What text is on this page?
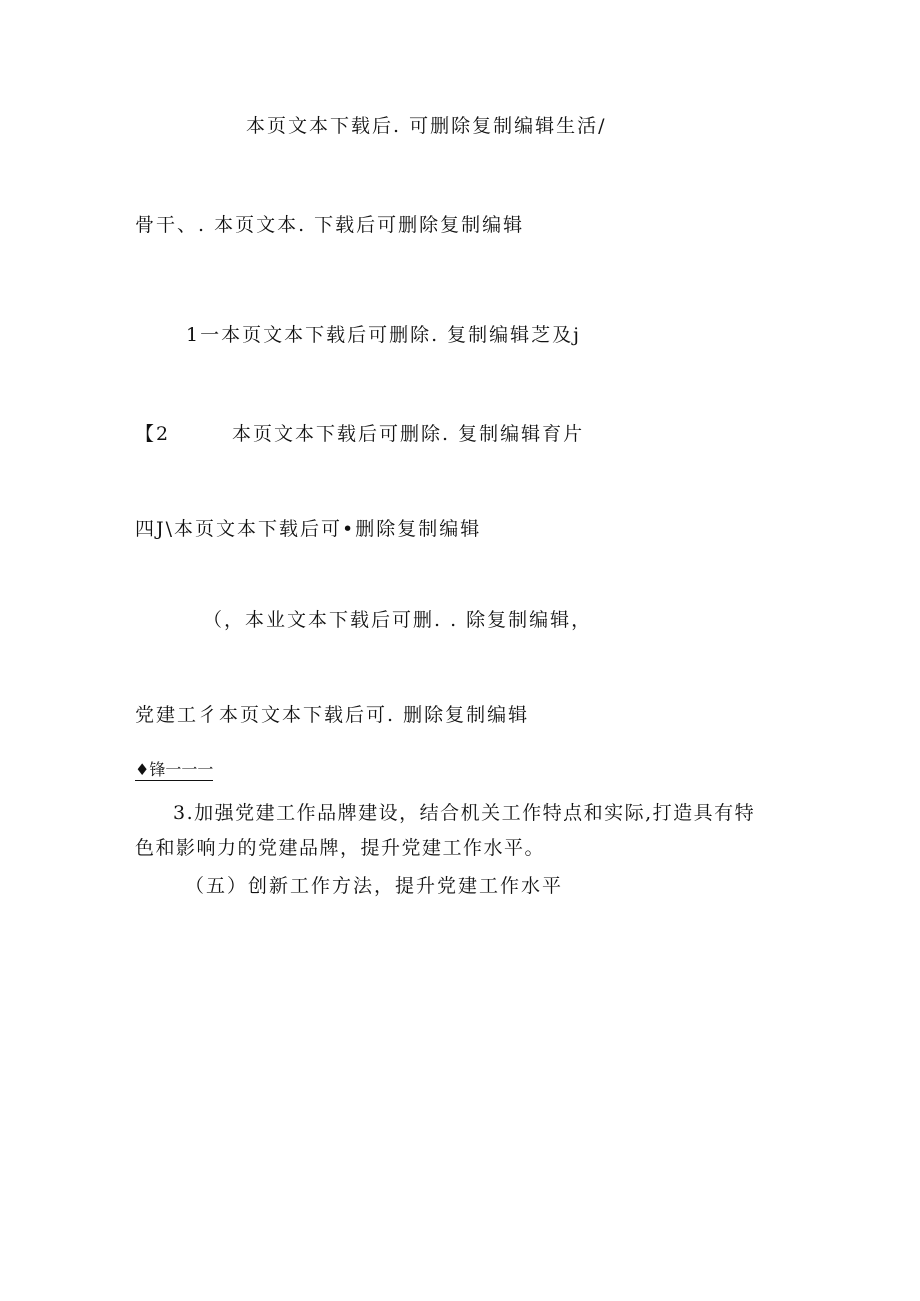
本页文本下载后. 可删除复制编辑生活/
骨干、. 本页文本. 下载后可删除复制编辑
1一本页文本下载后可删除. 复制编辑芝及j
【2	本页文本下载后可删除. 复制编辑育片
四J\本页文本下载后可•删除复制编辑
（，本业文本下载后可删. . 除复制编辑，
党建工彳本页文本下载后可. 删除复制编辑
♦锋一一一
3.加强党建工作品牌建设，结合机关工作特点和实际,打造具有特色和影响力的党建品牌，提升党建工作水平。
（五）创新工作方法，提升党建工作水平
